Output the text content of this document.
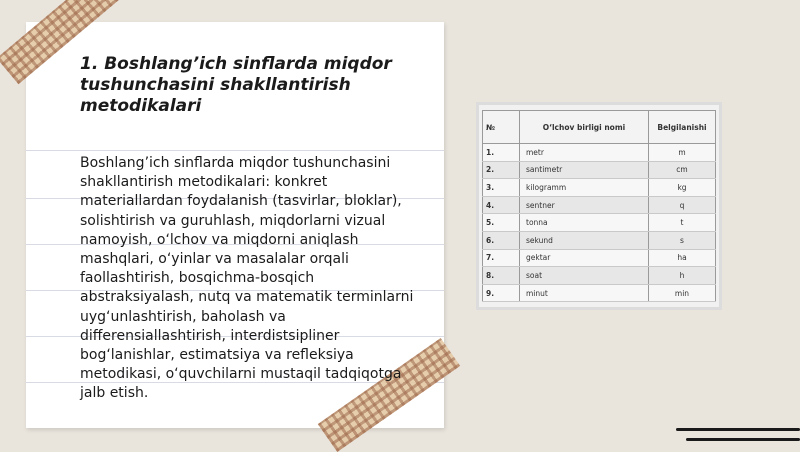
1. Boshlang’ich sinflarda miqdor tushunchasini shakllantirish metodikalari
Boshlang’ich sinflarda miqdor tushunchasini shakllantirish metodikalari: konkret materiallardan foydalanish (tasvirlar, bloklar), solishtirish va guruhlash, miqdorlarni vizual namoyish, o‘lchov va miqdorni aniqlash mashqlari, o‘yinlar va masalalar orqali faollashtirish, bosqichma-bosqich abstraksiyalash, nutq va matematik terminlarni uyg‘unlashtirish, baholash va differensiallashtirish, interdistsipliner bog‘lanishlar, estimatsiya va refleksiya metodikasi, o‘quvchilarni mustaqil tadqiqotga jalb etish.
№	O‘lchov birligi nomi	Belgilanishi
1.	metr	m
2.	santimetr	cm
3.	kilogramm	kg
4.	sentner	q
5.	tonna	t
6.	sekund	s
7.	gektar	ha
8.	soat	h
9.	minut	min
